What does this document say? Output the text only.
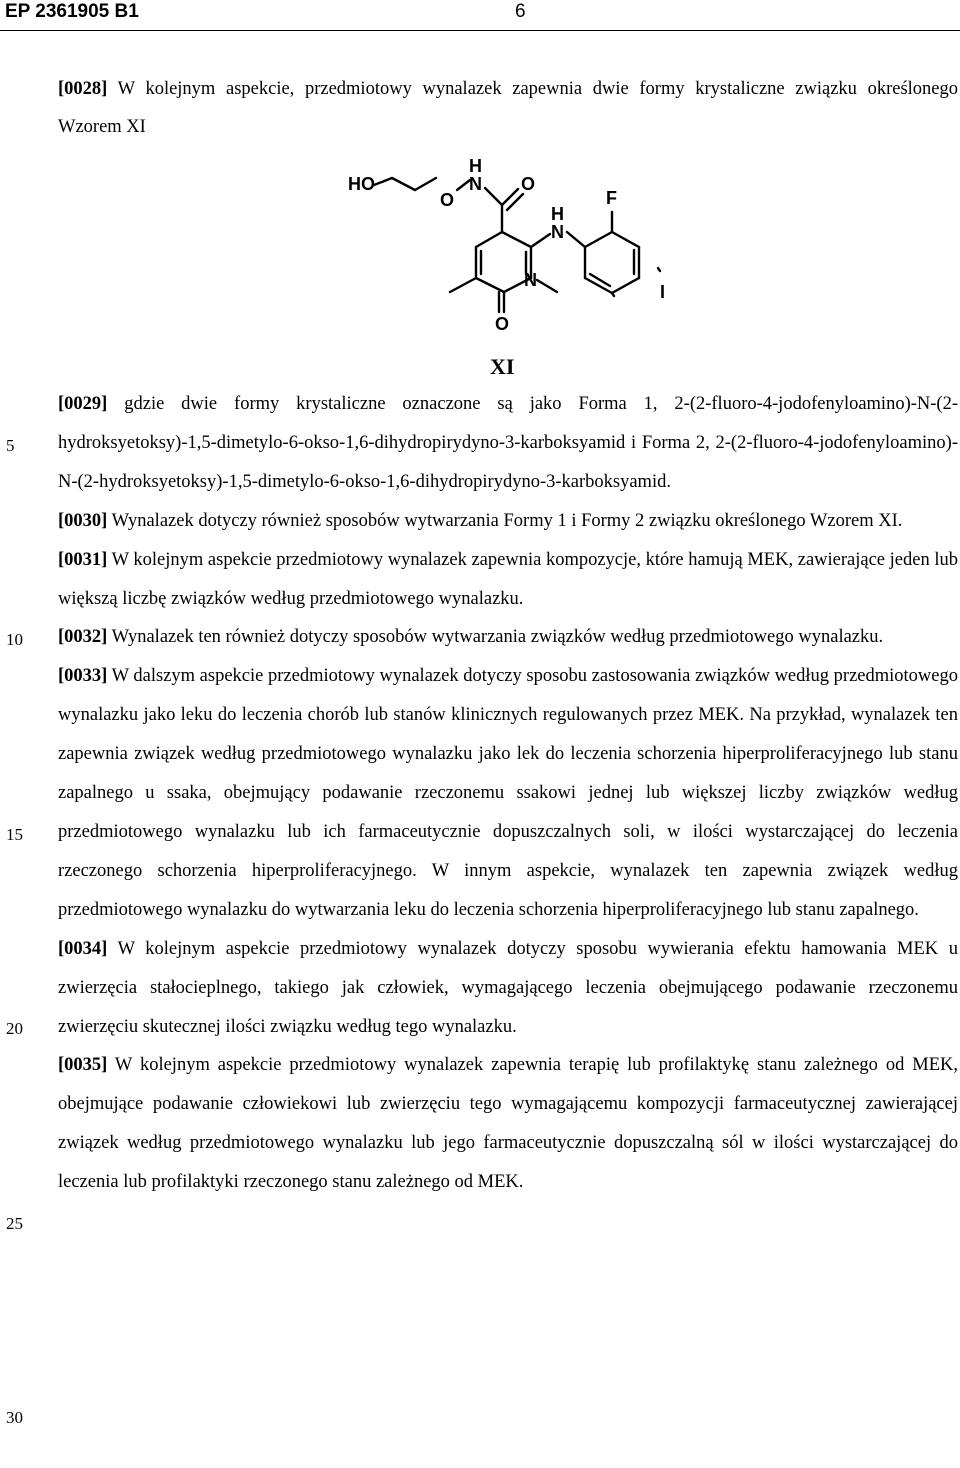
EP 2361905 B1	6
5
10
15
20
25
30

[0028] W kolejnym aspekcie, przedmiotowy wynalazek zapewnia dwie formy krystaliczne związku określonego Wzorem XI

HO
O
H
N O
H
N
F
N
O
I
XI

[0029] gdzie dwie formy krystaliczne oznaczone są jako Forma 1, 2-(2-fluoro-4-jodofenyloamino)-N-(2-hydroksyetoksy)-1,5-dimetylo-6-okso-1,6-dihydropirydyno-3-karboksyamid i Forma 2, 2-(2-fluoro-4-jodofenyloamino)-N-(2-hydroksyetoksy)-1,5-dimetylo-6-okso-1,6-dihydropirydyno-3-karboksyamid.

[0030] Wynalazek dotyczy również sposobów wytwarzania Formy 1 i Formy 2 związku określonego Wzorem XI.

[0031] W kolejnym aspekcie przedmiotowy wynalazek zapewnia kompozycje, które hamują MEK, zawierające jeden lub większą liczbę związków według przedmiotowego wynalazku.

[0032] Wynalazek ten również dotyczy sposobów wytwarzania związków według przedmiotowego wynalazku.

[0033] W dalszym aspekcie przedmiotowy wynalazek dotyczy sposobu zastosowania związków według przedmiotowego wynalazku jako leku do leczenia chorób lub stanów klinicznych regulowanych przez MEK. Na przykład, wynalazek ten zapewnia związek według przedmiotowego wynalazku jako lek do leczenia schorzenia hiperproliferacyjnego lub stanu zapalnego u ssaka, obejmujący podawanie rzeczonemu ssakowi jednej lub większej liczby związków według przedmiotowego wynalazku lub ich farmaceutycznie dopuszczalnych soli, w ilości wystarczającej do leczenia rzeczonego schorzenia hiperproliferacyjnego. W innym aspekcie, wynalazek ten zapewnia związek według przedmiotowego wynalazku do wytwarzania leku do leczenia schorzenia hiperproliferacyjnego lub stanu zapalnego.

[0034] W kolejnym aspekcie przedmiotowy wynalazek dotyczy sposobu wywierania efektu hamowania MEK u zwierzęcia stałocieplnego, takiego jak człowiek, wymagającego leczenia obejmującego podawanie rzeczonemu zwierzęciu skutecznej ilości związku według tego wynalazku.

[0035] W kolejnym aspekcie przedmiotowy wynalazek zapewnia terapię lub profilaktykę stanu zależnego od MEK, obejmujące podawanie człowiekowi lub zwierzęciu tego wymagającemu kompozycji farmaceutycznej zawierającej związek według przedmiotowego wynalazku lub jego farmaceutycznie dopuszczalną sól w ilości wystarczającej do leczenia lub profilaktyki rzeczonego stanu zależnego od MEK.
